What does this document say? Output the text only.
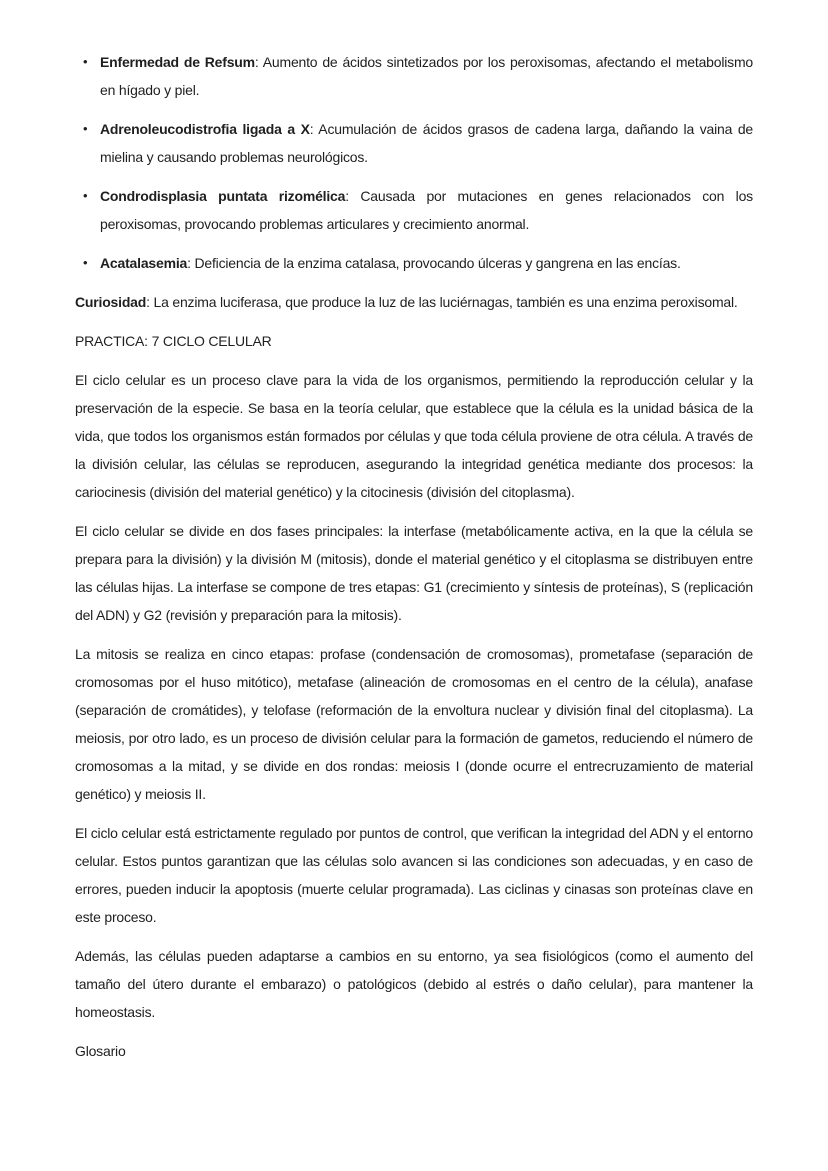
• Enfermedad de Refsum: Aumento de ácidos sintetizados por los peroxisomas, afectando el metabolismo en hígado y piel.
• Adrenoleucodistrofia ligada a X: Acumulación de ácidos grasos de cadena larga, dañando la vaina de mielina y causando problemas neurológicos.
• Condrodisplasia puntata rizomélica: Causada por mutaciones en genes relacionados con los peroxisomas, provocando problemas articulares y crecimiento anormal.
• Acatalasemia: Deficiencia de la enzima catalasa, provocando úlceras y gangrena en las encías.

Curiosidad: La enzima luciferasa, que produce la luz de las luciérnagas, también es una enzima peroxisomal.

PRACTICA: 7 CICLO CELULAR

El ciclo celular es un proceso clave para la vida de los organismos, permitiendo la reproducción celular y la preservación de la especie. Se basa en la teoría celular, que establece que la célula es la unidad básica de la vida, que todos los organismos están formados por células y que toda célula proviene de otra célula. A través de la división celular, las células se reproducen, asegurando la integridad genética mediante dos procesos: la cariocinesis (división del material genético) y la citocinesis (división del citoplasma).

El ciclo celular se divide en dos fases principales: la interfase (metabólicamente activa, en la que la célula se prepara para la división) y la división M (mitosis), donde el material genético y el citoplasma se distribuyen entre las células hijas. La interfase se compone de tres etapas: G1 (crecimiento y síntesis de proteínas), S (replicación del ADN) y G2 (revisión y preparación para la mitosis).

La mitosis se realiza en cinco etapas: profase (condensación de cromosomas), prometafase (separación de cromosomas por el huso mitótico), metafase (alineación de cromosomas en el centro de la célula), anafase (separación de cromátides), y telofase (reformación de la envoltura nuclear y división final del citoplasma). La meiosis, por otro lado, es un proceso de división celular para la formación de gametos, reduciendo el número de cromosomas a la mitad, y se divide en dos rondas: meiosis I (donde ocurre el entrecruzamiento de material genético) y meiosis II.

El ciclo celular está estrictamente regulado por puntos de control, que verifican la integridad del ADN y el entorno celular. Estos puntos garantizan que las células solo avancen si las condiciones son adecuadas, y en caso de errores, pueden inducir la apoptosis (muerte celular programada). Las ciclinas y cinasas son proteínas clave en este proceso.

Además, las células pueden adaptarse a cambios en su entorno, ya sea fisiológicos (como el aumento del tamaño del útero durante el embarazo) o patológicos (debido al estrés o daño celular), para mantener la homeostasis.

Glosario
